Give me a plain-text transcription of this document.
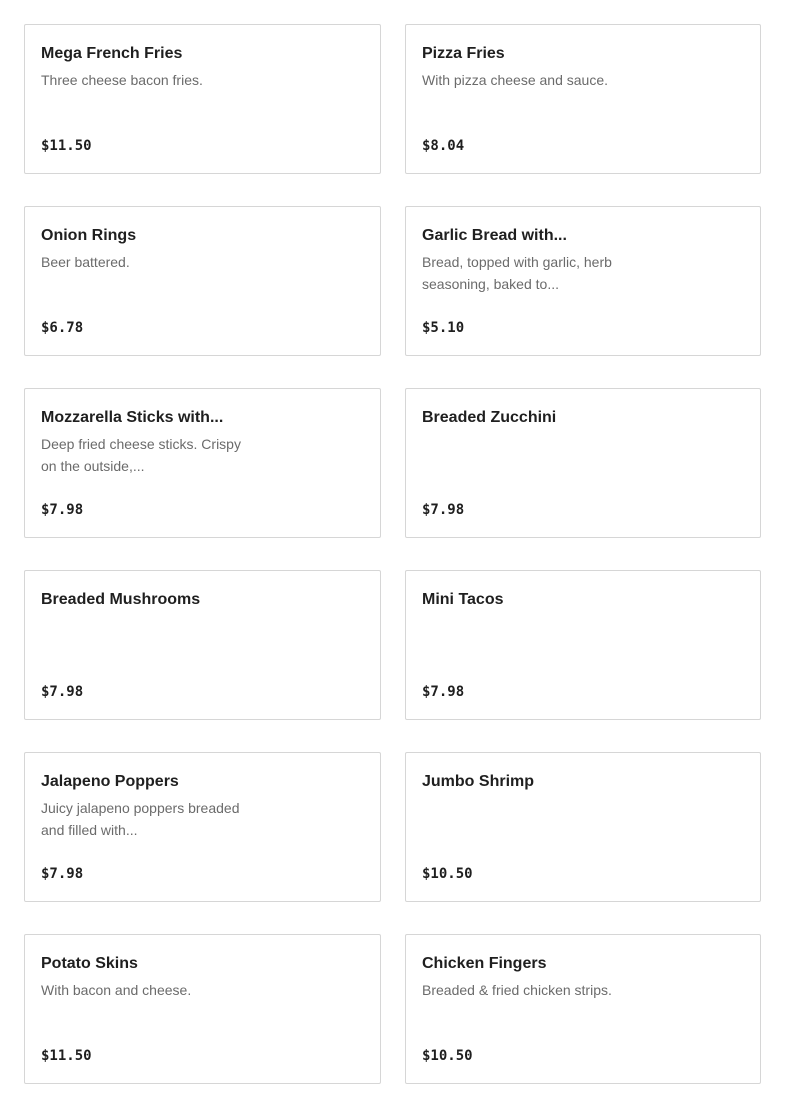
Mega French Fries
Three cheese bacon fries.
$11.50
Pizza Fries
With pizza cheese and sauce.
$8.04
Onion Rings
Beer battered.
$6.78
Garlic Bread with...
Bread, topped with garlic, herb seasoning, baked to...
$5.10
Mozzarella Sticks with...
Deep fried cheese sticks. Crispy on the outside,...
$7.98
Breaded Zucchini
$7.98
Breaded Mushrooms
$7.98
Mini Tacos
$7.98
Jalapeno Poppers
Juicy jalapeno poppers breaded and filled with...
$7.98
Jumbo Shrimp
$10.50
Potato Skins
With bacon and cheese.
$11.50
Chicken Fingers
Breaded & fried chicken strips.
$10.50
